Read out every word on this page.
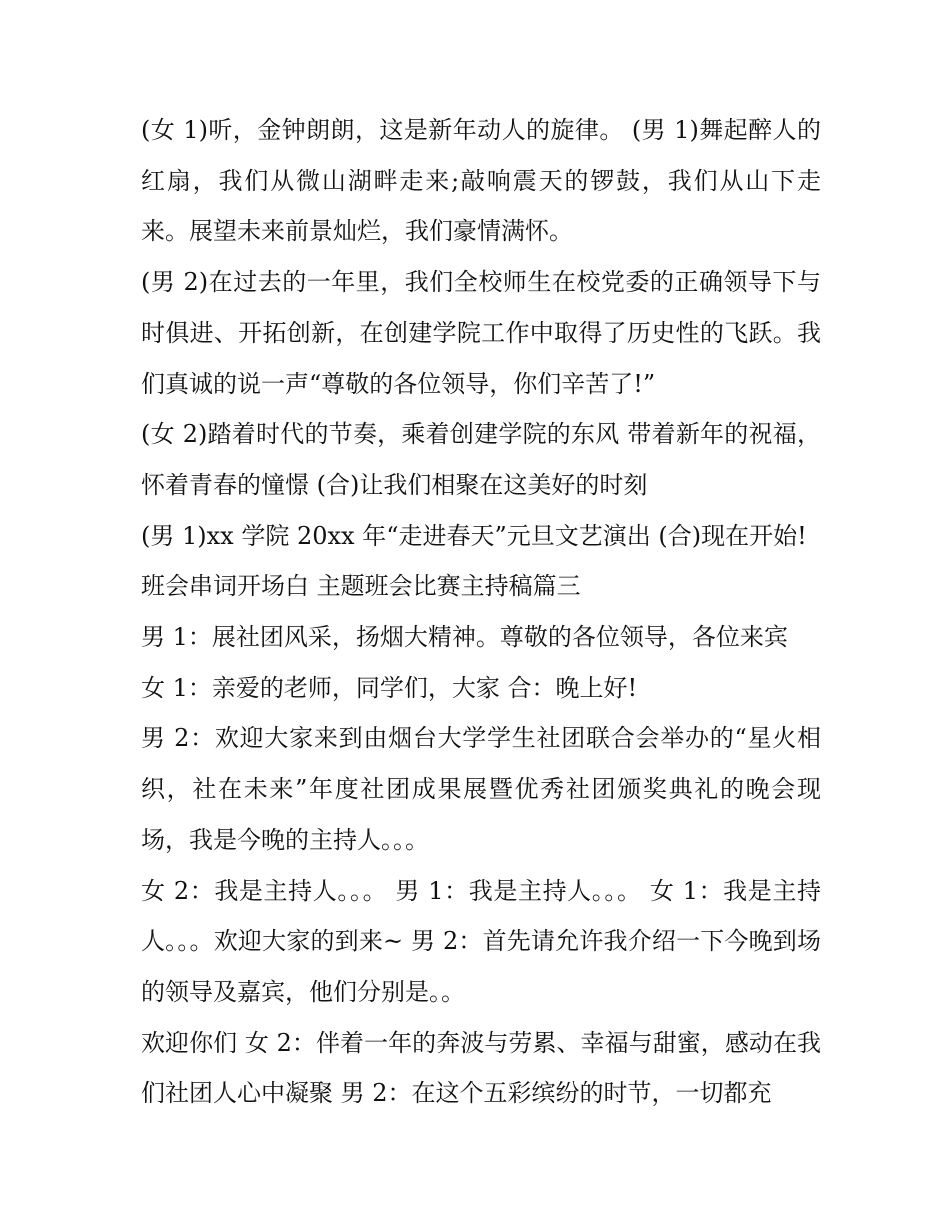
(女 1)听，金钟朗朗，这是新年动人的旋律。 (男 1)舞起醉人的红扇，我们从微山湖畔走来;敲响震天的锣鼓，我们从山下走来。展望未来前景灿烂，我们豪情满怀。

(男 2)在过去的一年里，我们全校师生在校党委的正确领导下与时俱进、开拓创新，在创建学院工作中取得了历史性的飞跃。我们真诚的说一声“尊敬的各位领导，你们辛苦了!”

(女 2)踏着时代的节奏，乘着创建学院的东风 带着新年的祝福，怀着青春的憧憬 (合)让我们相聚在这美好的时刻

(男 1)xx 学院 20xx 年“走进春天”元旦文艺演出 (合)现在开始!

班会串词开场白 主题班会比赛主持稿篇三

男 1：展社团风采，扬烟大精神。尊敬的各位领导，各位来宾

女 1：亲爱的老师，同学们，大家 合：晚上好!

男 2：欢迎大家来到由烟台大学学生社团联合会举办的“星火相织，社在未来”年度社团成果展暨优秀社团颁奖典礼的晚会现场，我是今晚的主持人。。。

女 2：我是主持人。。。 男 1：我是主持人。。。 女 1：我是主持人。。。欢迎大家的到来~ 男 2：首先请允许我介绍一下今晚到场的领导及嘉宾，他们分别是。。

欢迎你们 女 2：伴着一年的奔波与劳累、幸福与甜蜜，感动在我们社团人心中凝聚 男 2：在这个五彩缤纷的时节，一切都充
